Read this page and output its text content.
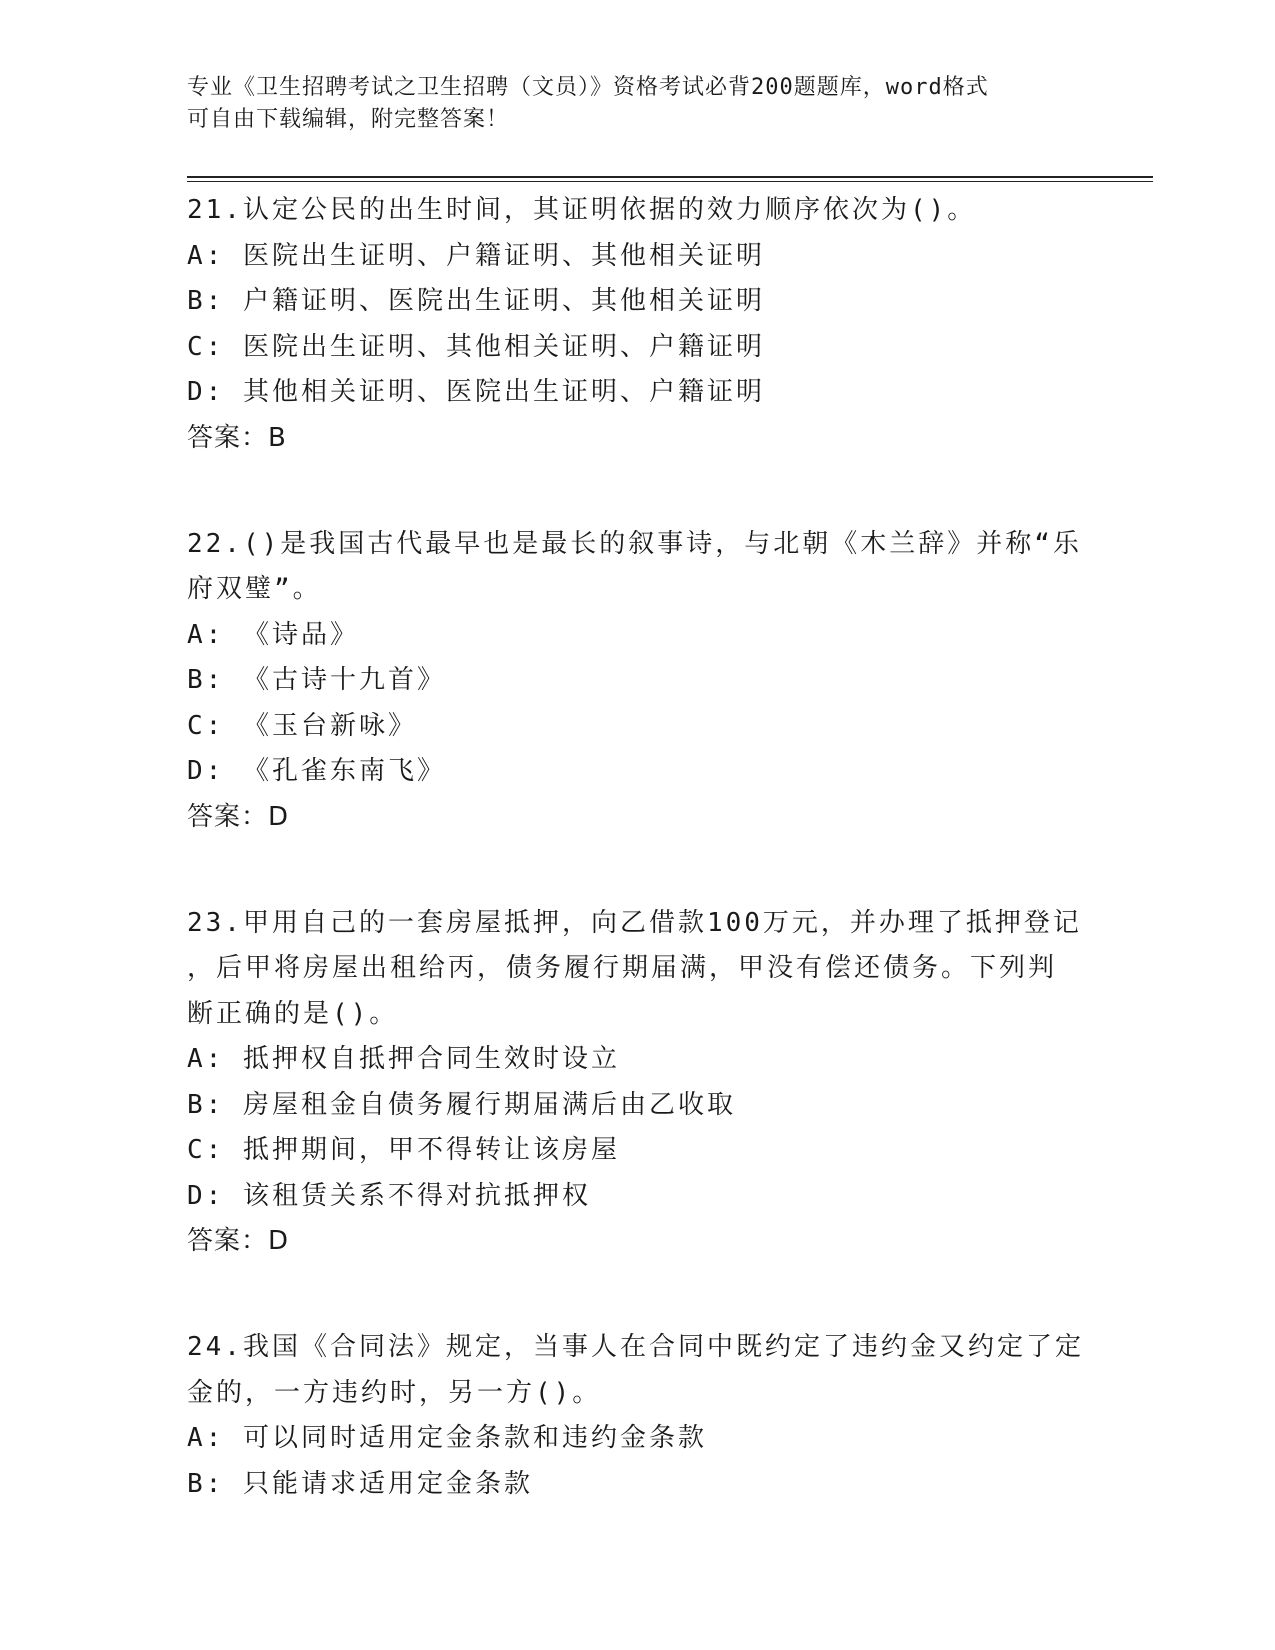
专业《卫生招聘考试之卫生招聘（文员）》资格考试必背200题题库，word格式
可自由下载编辑，附完整答案！
21.认定公民的出生时间，其证明依据的效力顺序依次为()。
A: 医院出生证明、户籍证明、其他相关证明
B: 户籍证明、医院出生证明、其他相关证明
C: 医院出生证明、其他相关证明、户籍证明
D: 其他相关证明、医院出生证明、户籍证明
答案：B
22.()是我国古代最早也是最长的叙事诗，与北朝《木兰辞》并称“乐
府双璧”。
A: 《诗品》
B: 《古诗十九首》
C: 《玉台新咏》
D: 《孔雀东南飞》
答案：D
23.甲用自己的一套房屋抵押，向乙借款100万元，并办理了抵押登记
，后甲将房屋出租给丙，债务履行期届满，甲没有偿还债务。下列判
断正确的是()。
A: 抵押权自抵押合同生效时设立
B: 房屋租金自债务履行期届满后由乙收取
C: 抵押期间，甲不得转让该房屋
D: 该租赁关系不得对抗抵押权
答案：D
24.我国《合同法》规定，当事人在合同中既约定了违约金又约定了定
金的，一方违约时，另一方()。
A: 可以同时适用定金条款和违约金条款
B: 只能请求适用定金条款
